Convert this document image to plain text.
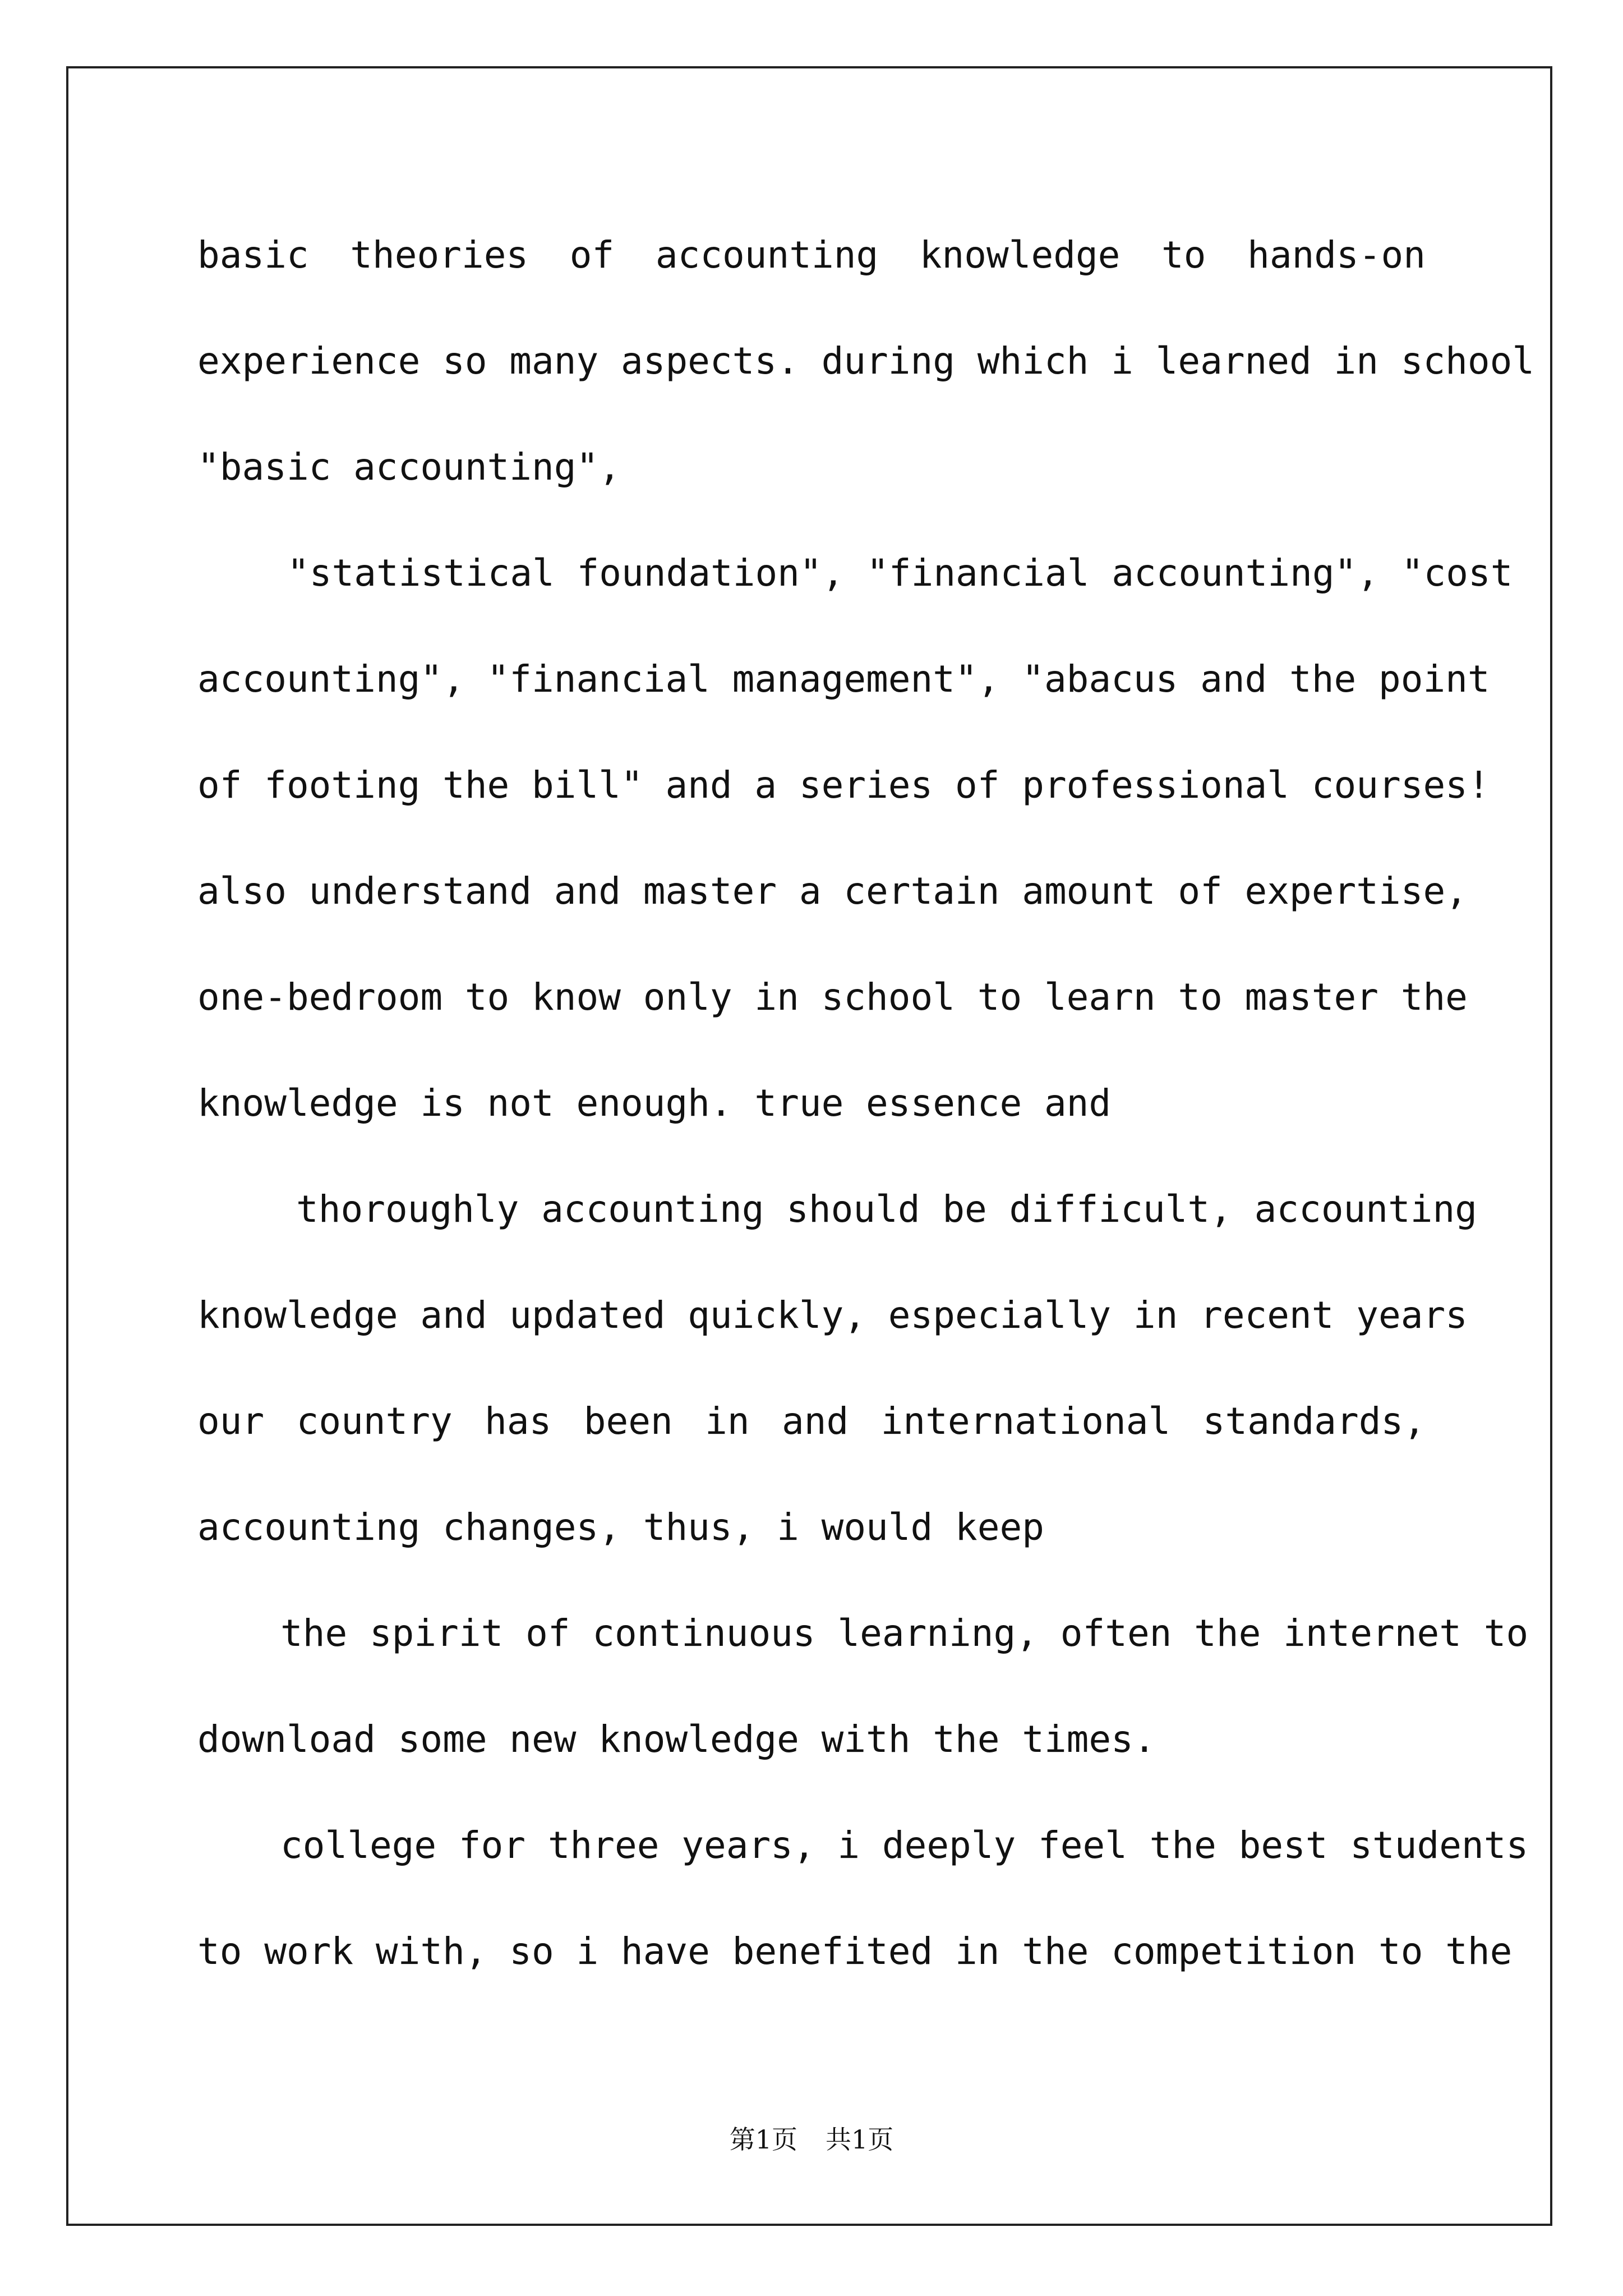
basic theories of accounting knowledge to hands-on
experience so many aspects. during which i learned in school
"basic accounting",
"statistical foundation", "financial accounting", "cost
accounting", "financial management", "abacus and the point
of footing the bill" and a series of professional courses!
also understand and master a certain amount of expertise,
one-bedroom to know only in school to learn to master the
knowledge is not enough. true essence and
thoroughly accounting should be difficult, accounting
knowledge and updated quickly, especially in recent years
our country has been in and international standards,
accounting changes, thus, i would keep
the spirit of continuous learning, often the internet to
download some new knowledge with the times.
college for three years, i deeply feel the best students
to work with, so i have benefited in the competition to the
第1页 共1页
